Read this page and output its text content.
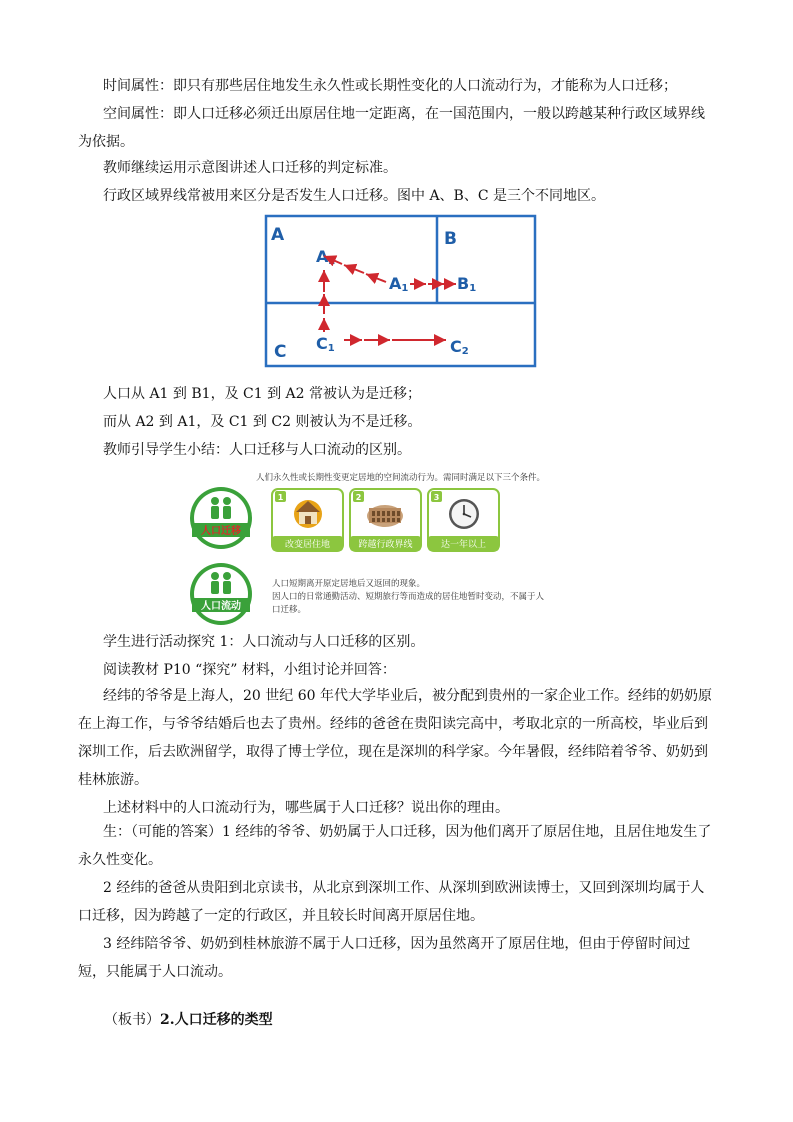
时间属性：即只有那些居住地发生永久性或长期性变化的人口流动行为，才能称为人口迁移；

空间属性：即人口迁移必须迁出原居住地一定距离，在一国范围内，一般以跨越某种行政区域界线为依据。

教师继续运用示意图讲述人口迁移的判定标准。

行政区域界线常被用来区分是否发生人口迁移。图中 A、B、C 是三个不同地区。

A	B
C
A2
A1	B1
C1	C2

人口从 A1 到 B1，及 C1 到 A2 常被认为是迁移；

而从 A2 到 A1，及 C1 到 C2 则被认为不是迁移。

教师引导学生小结：人口迁移与人口流动的区别。

人们永久性或长期性变更定居地的空间流动行为。需同时满足以下三个条件。
人口迁移
1
改变居住地
2
跨越行政界线
3
达一年以上
人口流动
人口短期离开原定居地后又返回的现象。
因人口的日常通勤活动、短期旅行等而造成的居住地暂时变动，不属于人
口迁移。

学生进行活动探究 1：人口流动与人口迁移的区别。

阅读教材 P10 “探究” 材料，小组讨论并回答：

经纬的爷爷是上海人，20 世纪 60 年代大学毕业后，被分配到贵州的一家企业工作。经纬的奶奶原在上海工作，与爷爷结婚后也去了贵州。经纬的爸爸在贵阳读完高中，考取北京的一所高校，毕业后到深圳工作，后去欧洲留学，取得了博士学位，现在是深圳的科学家。今年暑假，经纬陪着爷爷、奶奶到桂林旅游。

上述材料中的人口流动行为，哪些属于人口迁移？说出你的理由。

生：（可能的答案）1 经纬的爷爷、奶奶属于人口迁移，因为他们离开了原居住地，且居住地发生了永久性变化。

2 经纬的爸爸从贵阳到北京读书，从北京到深圳工作、从深圳到欧洲读博士，又回到深圳均属于人口迁移，因为跨越了一定的行政区，并且较长时间离开原居住地。

3 经纬陪爷爷、奶奶到桂林旅游不属于人口迁移，因为虽然离开了原居住地，但由于停留时间过短，只能属于人口流动。

（板书）2.人口迁移的类型
